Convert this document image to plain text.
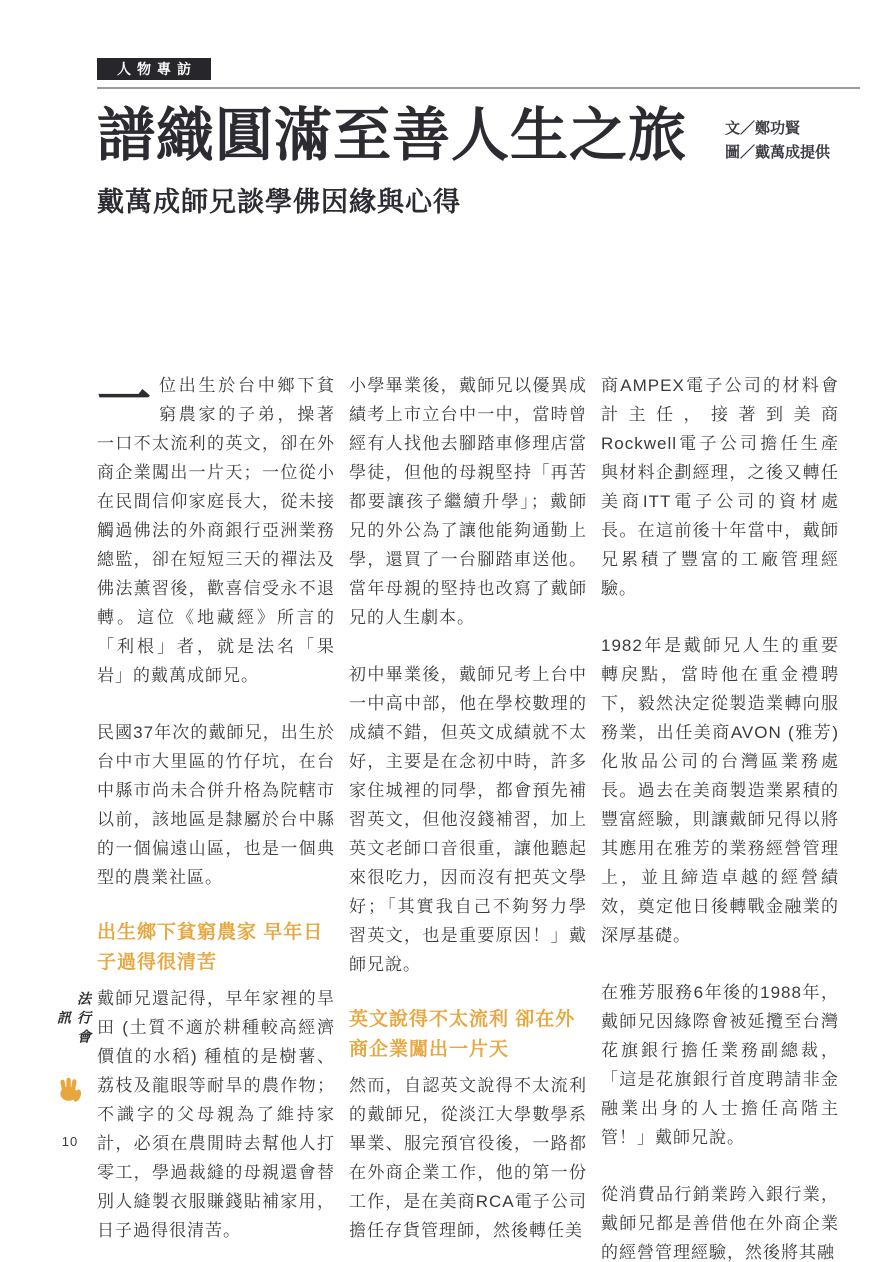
法行會訊
10
人物專訪
譜織圓滿至善人生之旅	文／鄭功賢
圖／戴萬成提供
戴萬成師兄談學佛因緣與心得

一位出生於台中鄉下貧窮農家的子弟，操著一口不太流利的英文，卻在外商企業闖出一片天；一位從小在民間信仰家庭長大，從未接觸過佛法的外商銀行亞洲業務總監，卻在短短三天的禪法及佛法薰習後，歡喜信受永不退轉。這位《地藏經》所言的「利根」者，就是法名「果岩」的戴萬成師兄。

民國37年次的戴師兄，出生於台中市大里區的竹仔坑，在台中縣市尚未合併升格為院轄市以前，該地區是隸屬於台中縣的一個偏遠山區，也是一個典型的農業社區。

出生鄉下貧窮農家 早年日子過得很清苦

戴師兄還記得，早年家裡的旱田 (土質不適於耕種較高經濟價值的水稻) 種植的是樹薯、荔枝及龍眼等耐旱的農作物；不識字的父母親為了維持家計，必須在農閒時去幫他人打零工，學過裁縫的母親還會替別人縫製衣服賺錢貼補家用，日子過得很清苦。

小學畢業後，戴師兄以優異成績考上市立台中一中，當時曾經有人找他去腳踏車修理店當學徒，但他的母親堅持「再苦都要讓孩子繼續升學」；戴師兄的外公為了讓他能夠通勤上學，還買了一台腳踏車送他。當年母親的堅持也改寫了戴師兄的人生劇本。

初中畢業後，戴師兄考上台中一中高中部，他在學校數理的成績不錯，但英文成績就不太好，主要是在念初中時，許多家住城裡的同學，都會預先補習英文，但他沒錢補習，加上英文老師口音很重，讓他聽起來很吃力，因而沒有把英文學好；「其實我自己不夠努力學習英文，也是重要原因！」戴師兄說。

英文說得不太流利 卻在外商企業闖出一片天

然而，自認英文說得不太流利的戴師兄，從淡江大學數學系畢業、服完預官役後，一路都在外商企業工作，他的第一份工作，是在美商RCA電子公司擔任存貨管理師，然後轉任美

商AMPEX電子公司的材料會計主任，接著到美商Rockwell電子公司擔任生產與材料企劃經理，之後又轉任美商ITT電子公司的資材處長。在這前後十年當中，戴師兄累積了豐富的工廠管理經驗。

1982年是戴師兄人生的重要轉戾點，當時他在重金禮聘下，毅然決定從製造業轉向服務業，出任美商AVON (雅芳) 化妝品公司的台灣區業務處長。過去在美商製造業累積的豐富經驗，則讓戴師兄得以將其應用在雅芳的業務經營管理上，並且締造卓越的經營績效，奠定他日後轉戰金融業的深厚基礎。

在雅芳服務6年後的1988年，戴師兄因緣際會被延攬至台灣花旗銀行擔任業務副總裁，「這是花旗銀行首度聘請非金融業出身的人士擔任高階主管！」戴師兄說。

從消費品行銷業跨入銀行業，戴師兄都是善借他在外商企業的經營管理經驗，然後將其融
